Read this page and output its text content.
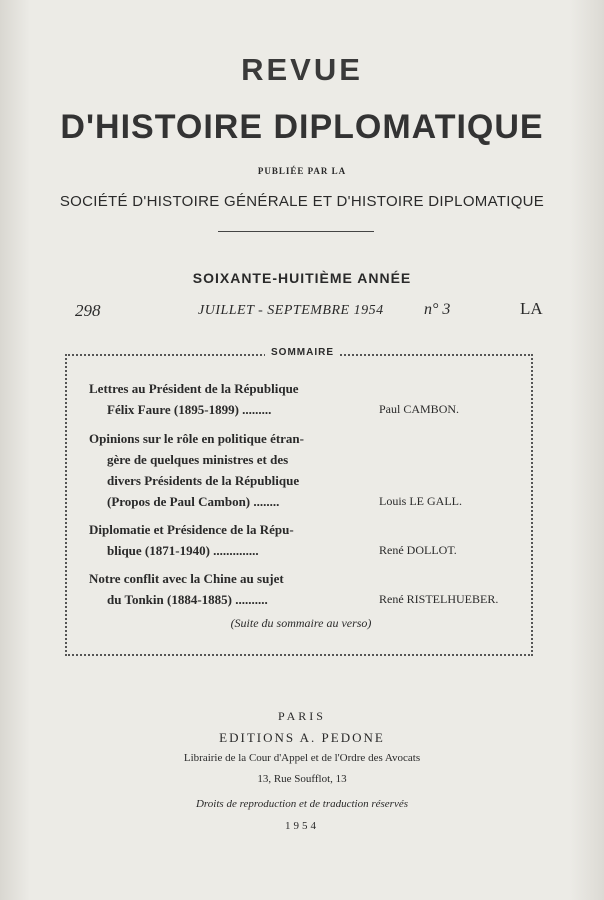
REVUE
D'HISTOIRE DIPLOMATIQUE
PUBLIÉE PAR LA
SOCIÉTÉ D'HISTOIRE GÉNÉRALE ET D'HISTOIRE DIPLOMATIQUE
SOIXANTE-HUITIÈME ANNÉE
298	JUILLET - SEPTEMBRE 1954	n° 3	LA
SOMMAIRE
Lettres au Président de la République
Félix Faure (1895-1899) .........	Paul CAMBON.
Opinions sur le rôle en politique étran-
gère de quelques ministres et des
divers Présidents de la République
(Propos de Paul Cambon) ........	Louis LE GALL.
Diplomatie et Présidence de la Répu-
blique (1871-1940) ..............	René DOLLOT.
Notre conflit avec la Chine au sujet
du Tonkin (1884-1885) ..........	René RISTELHUEBER.
(Suite du sommaire au verso)
PARIS
EDITIONS A. PEDONE
Librairie de la Cour d'Appel et de l'Ordre des Avocats
13, Rue Soufflot, 13
Droits de reproduction et de traduction réservés
1954
